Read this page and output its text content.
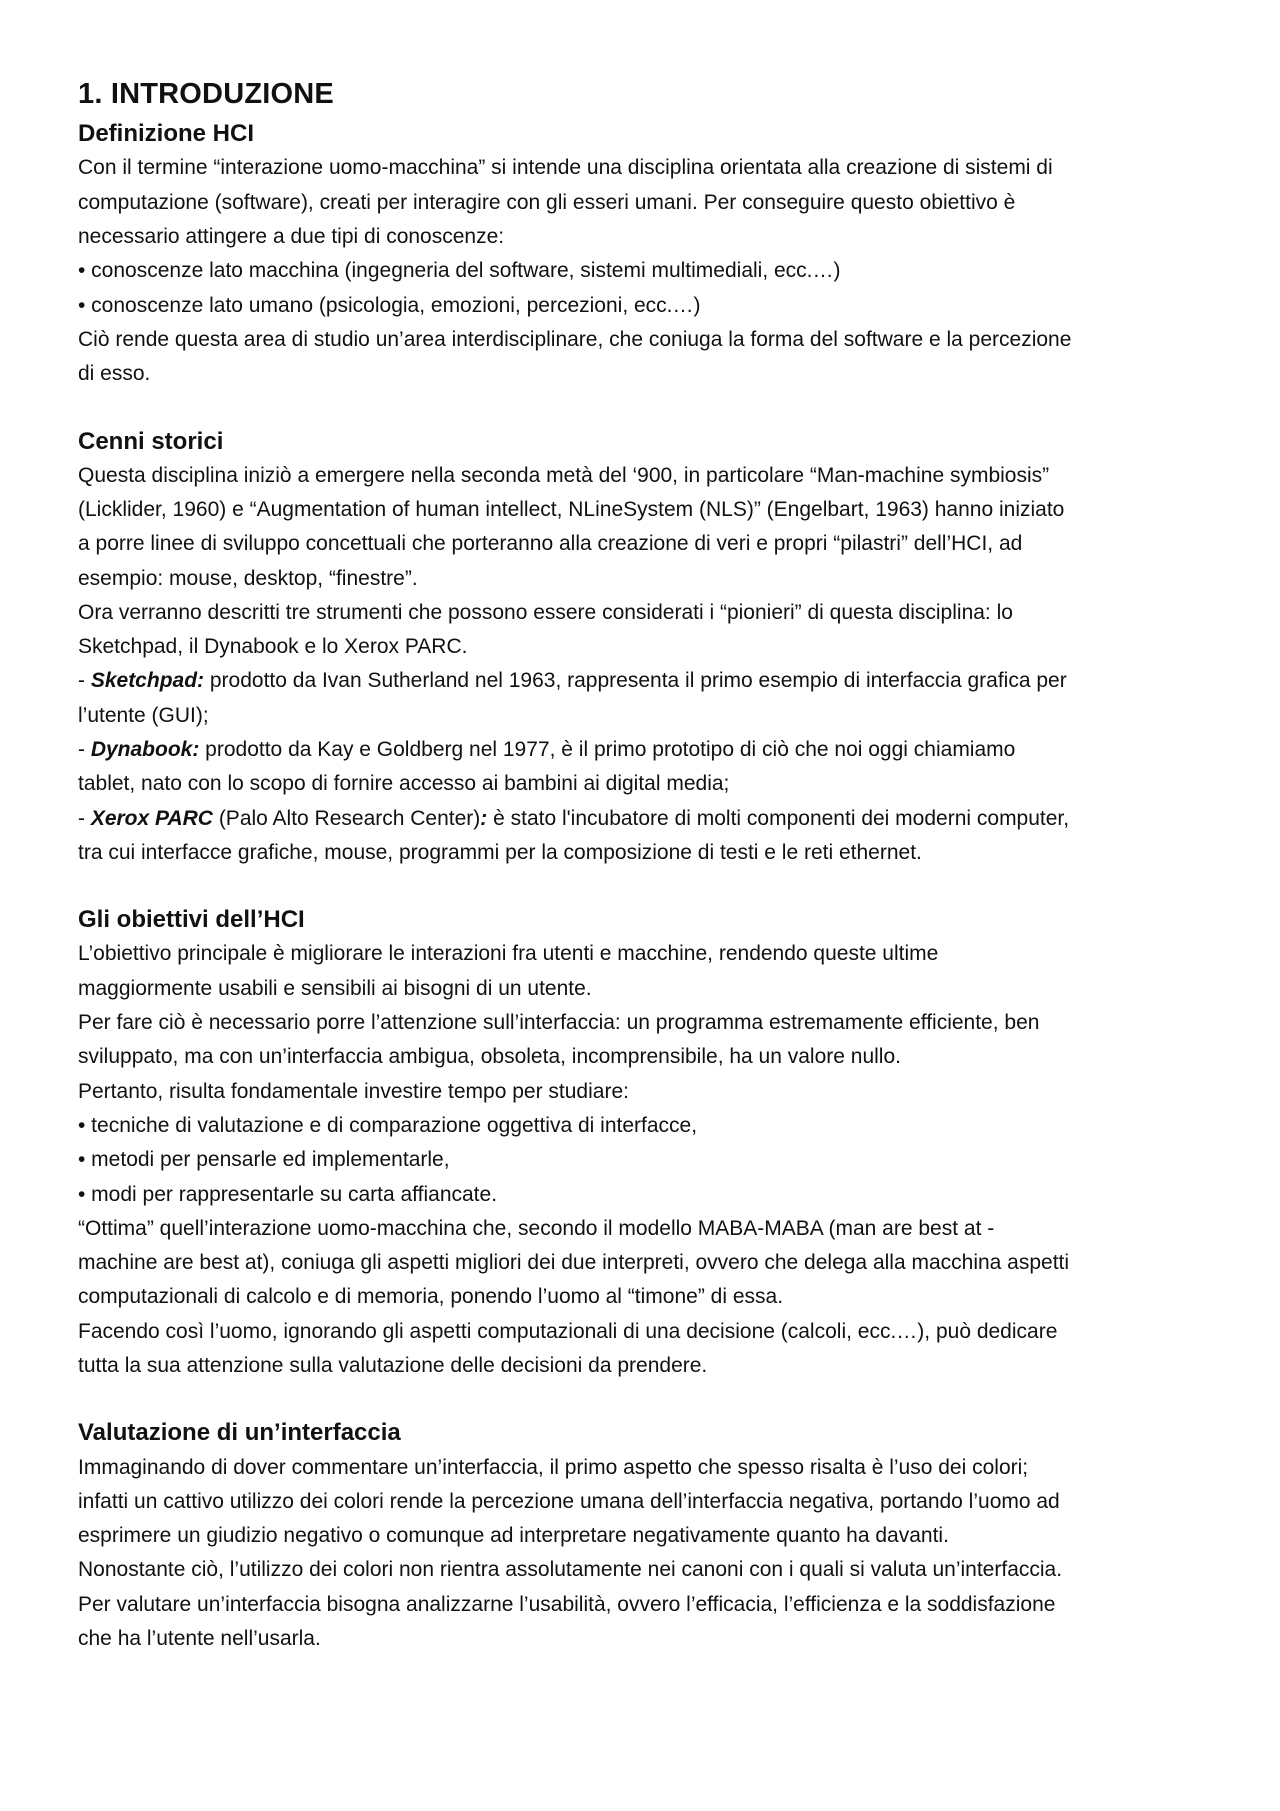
1. INTRODUZIONE
Definizione HCI

Con il termine “interazione uomo-macchina” si intende una disciplina orientata alla creazione di sistemi di

computazione (software), creati per interagire con gli esseri umani. Per conseguire questo obiettivo è

necessario attingere a due tipi di conoscenze:

• conoscenze lato macchina (ingegneria del software, sistemi multimediali, ecc.…)

• conoscenze lato umano (psicologia, emozioni, percezioni, ecc.…)

Ciò rende questa area di studio un’area interdisciplinare, che coniuga la forma del software e la percezione

di esso.

Cenni storici

Questa disciplina iniziò a emergere nella seconda metà del ‘900, in particolare “Man-machine symbiosis”

(Licklider, 1960) e “Augmentation of human intellect, NLineSystem (NLS)” (Engelbart, 1963) hanno iniziato

a porre linee di sviluppo concettuali che porteranno alla creazione di veri e propri “pilastri” dell’HCI, ad

esempio: mouse, desktop, “finestre”.

Ora verranno descritti tre strumenti che possono essere considerati i “pionieri” di questa disciplina: lo

Sketchpad, il Dynabook e lo Xerox PARC.

- Sketchpad: prodotto da Ivan Sutherland nel 1963, rappresenta il primo esempio di interfaccia grafica per

l’utente (GUI);

- Dynabook: prodotto da Kay e Goldberg nel 1977, è il primo prototipo di ciò che noi oggi chiamiamo

tablet, nato con lo scopo di fornire accesso ai bambini ai digital media;

- Xerox PARC (Palo Alto Research Center): è stato l'incubatore di molti componenti dei moderni computer,

tra cui interfacce grafiche, mouse, programmi per la composizione di testi e le reti ethernet.

Gli obiettivi dell’HCI

L’obiettivo principale è migliorare le interazioni fra utenti e macchine, rendendo queste ultime

maggiormente usabili e sensibili ai bisogni di un utente.

Per fare ciò è necessario porre l’attenzione sull’interfaccia: un programma estremamente efficiente, ben

sviluppato, ma con un’interfaccia ambigua, obsoleta, incomprensibile, ha un valore nullo.

Pertanto, risulta fondamentale investire tempo per studiare:

• tecniche di valutazione e di comparazione oggettiva di interfacce,

• metodi per pensarle ed implementarle,

• modi per rappresentarle su carta affiancate.

“Ottima” quell’interazione uomo-macchina che, secondo il modello MABA-MABA (man are best at -

machine are best at), coniuga gli aspetti migliori dei due interpreti, ovvero che delega alla macchina aspetti

computazionali di calcolo e di memoria, ponendo l’uomo al “timone” di essa.

Facendo così l’uomo, ignorando gli aspetti computazionali di una decisione (calcoli, ecc.…), può dedicare

tutta la sua attenzione sulla valutazione delle decisioni da prendere.

Valutazione di un’interfaccia

Immaginando di dover commentare un’interfaccia, il primo aspetto che spesso risalta è l’uso dei colori;

infatti un cattivo utilizzo dei colori rende la percezione umana dell’interfaccia negativa, portando l’uomo ad

esprimere un giudizio negativo o comunque ad interpretare negativamente quanto ha davanti.

Nonostante ciò, l’utilizzo dei colori non rientra assolutamente nei canoni con i quali si valuta un’interfaccia.

Per valutare un’interfaccia bisogna analizzarne l’usabilità, ovvero l’efficacia, l’efficienza e la soddisfazione

che ha l’utente nell’usarla.
